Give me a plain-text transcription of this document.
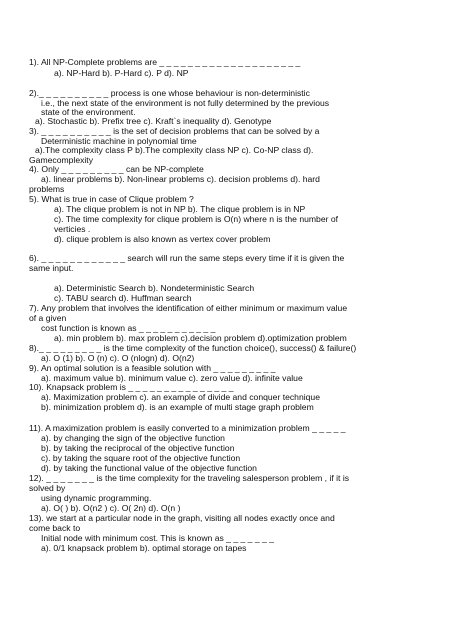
1). All NP-Complete problems are _ _ _ _ _ _ _ _ _ _ _ _ _ _ _ _ _ _ _ _
a). NP-Hard b). P-Hard c). P d). NP
2)._ _ _ _ _ _ _ _ _ _ process is one whose behaviour is non-deterministic
i.e., the next state of the environment is not fully determined by the previous
state of the environment.
a). Stochastic b). Prefix tree c). Kraft`s inequality d). Genotype
3). _ _ _ _ _ _ _ _ _ _ is the set of decision problems that can be solved by a
Deterministic machine in polynomial time
a).The complexity class P b).The complexity class NP c). Co-NP class d).
Gamecomplexity
4). Only _ _ _ _ _ _ _ _ _ can be NP-complete
a). linear problems b). Non-linear problems c). decision problems d). hard
problems
5). What is true in case of Clique problem ?
a). The clique problem is not in NP b). The clique problem is in NP
c). The time complexity for clique problem is O(n) where n is the number of
verticies .
d). clique problem is also known as vertex cover problem
6). _ _ _ _ _ _ _ _ _ _ _ _ search will run the same steps every time if it is given the
same input.
a). Deterministic Search b). Nondeterministic Search
c). TABU search d). Huffman search
7). Any problem that involves the identification of either minimum or maximum value
of a given
cost function is known as _ _ _ _ _ _ _ _ _ _ _
a). min problem b). max problem c).decision problem d).optimization problem
8)._ _ _ _ _ _ _ _ _ is the time complexity of the function choice(), success() & failure()
a). O (1) b). O (n) c). O (nlogn) d). O(n2)
9). An optimal solution is a feasible solution with _ _ _ _ _ _ _ _ _
a). maximum value b). minimum value c). zero value d). infinite value
10). Knapsack problem is _ _ _ _ _ _ _ _ _ _ _ _ _ _ _
a). Maximization problem c). an example of divide and conquer technique
b). minimization problem d). is an example of multi stage graph problem
11). A maximization problem is easily converted to a minimization problem _ _ _ _ _
a). by changing the sign of the objective function
b). by taking the reciprocal of the objective function
c). by taking the square root of the objective function
d). by taking the functional value of the objective function
12). _ _ _ _ _ _ _ is the time complexity for the traveling salesperson problem , if it is
solved by
using dynamic programming.
a). O( ) b). O(n2 ) c). O( 2n) d). O(n )
13). we start at a particular node in the graph, visiting all nodes exactly once and
come back to
Initial node with minimum cost. This is known as _ _ _ _ _ _ _
a). 0/1 knapsack problem b). optimal storage on tapes
